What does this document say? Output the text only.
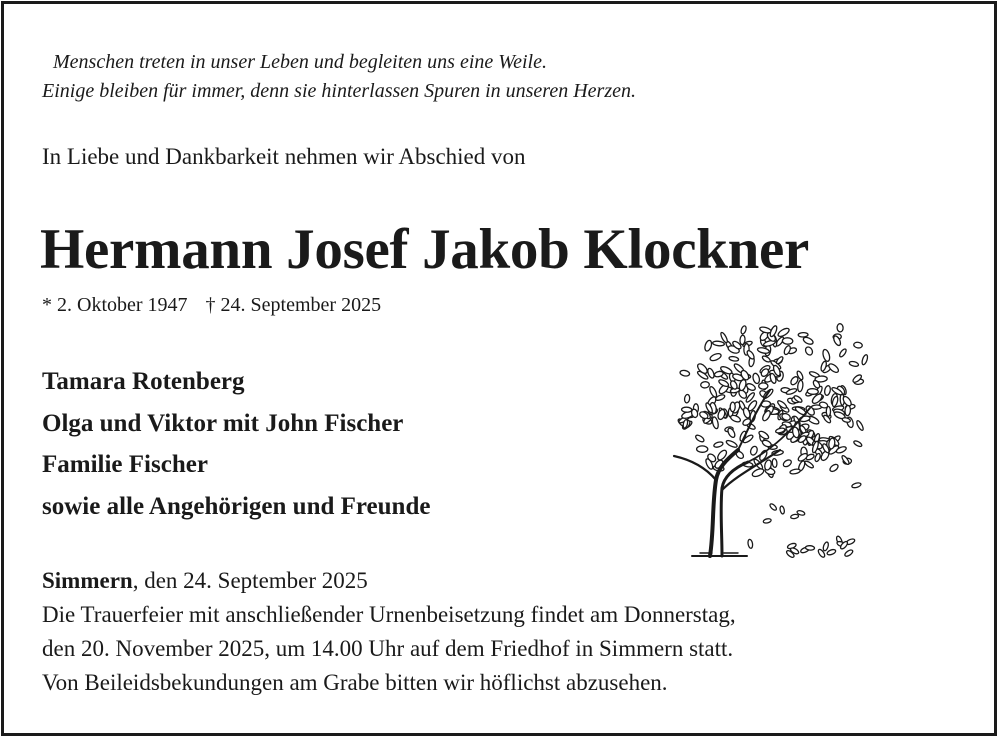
Menschen treten in unser Leben und begleiten uns eine Weile.
Einige bleiben für immer, denn sie hinterlassen Spuren in unseren Herzen.
In Liebe und Dankbarkeit nehmen wir Abschied von
Hermann Josef Jakob Klockner
* 2. Oktober 1947 † 24. September 2025
Tamara Rotenberg
Olga und Viktor mit John Fischer
Familie Fischer
sowie alle Angehörigen und Freunde
Simmern, den 24. September 2025
Die Trauerfeier mit anschließender Urnenbeisetzung findet am Donnerstag,
den 20. November 2025, um 14.00 Uhr auf dem Friedhof in Simmern statt.
Von Beileidsbekundungen am Grabe bitten wir höflichst abzusehen.
